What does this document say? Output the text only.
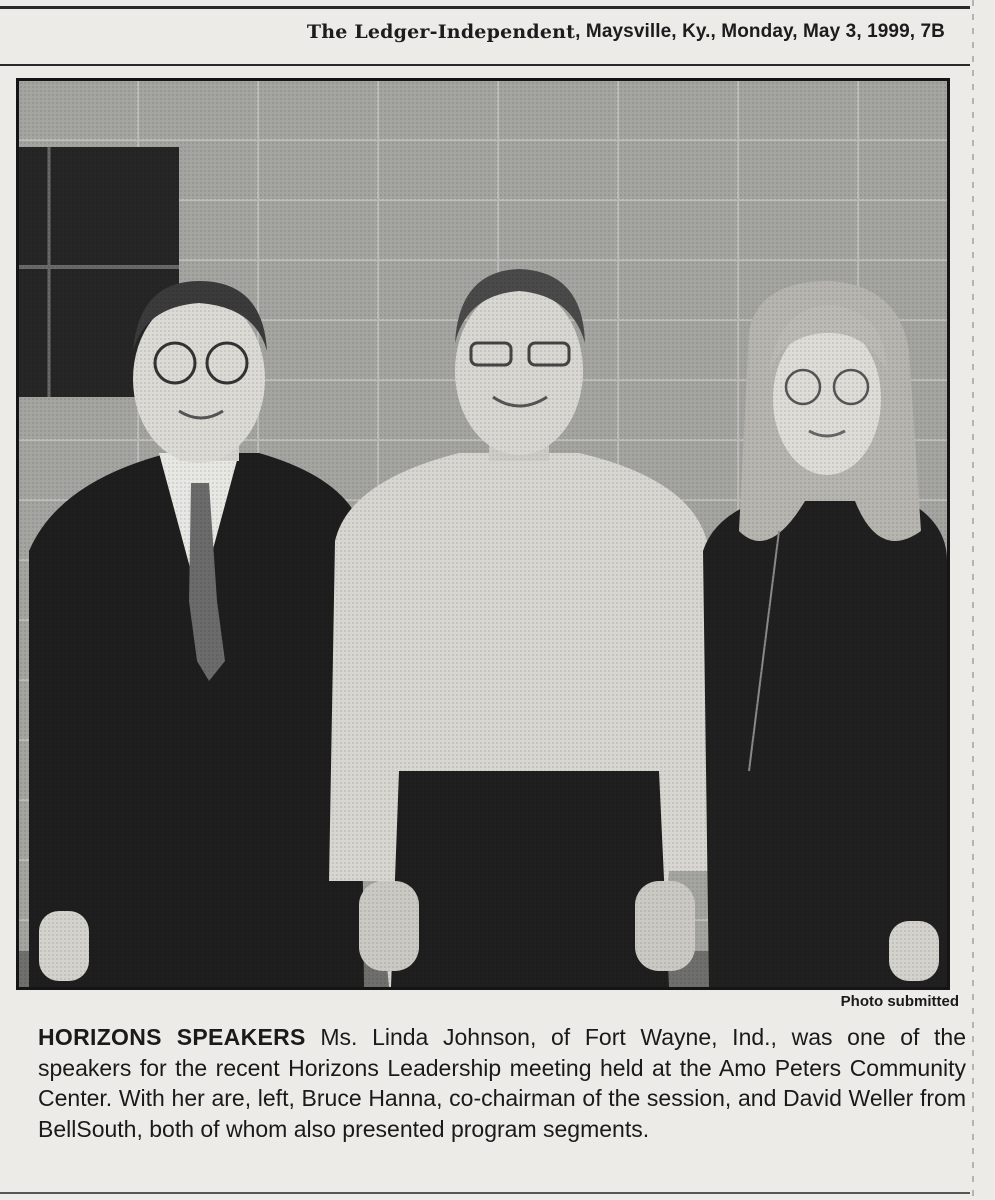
The Ledger-Independent , Maysville, Ky., Monday, May 3, 1999, 7B
Photo submitted

HORIZONS SPEAKERS Ms. Linda Johnson, of Fort Wayne, Ind., was one of the speakers for the recent Horizons Leadership meeting held at the Amo Peters Community Center. With her are, left, Bruce Hanna, co-chairman of the session, and David Weller from BellSouth, both of whom also presented program segments.
